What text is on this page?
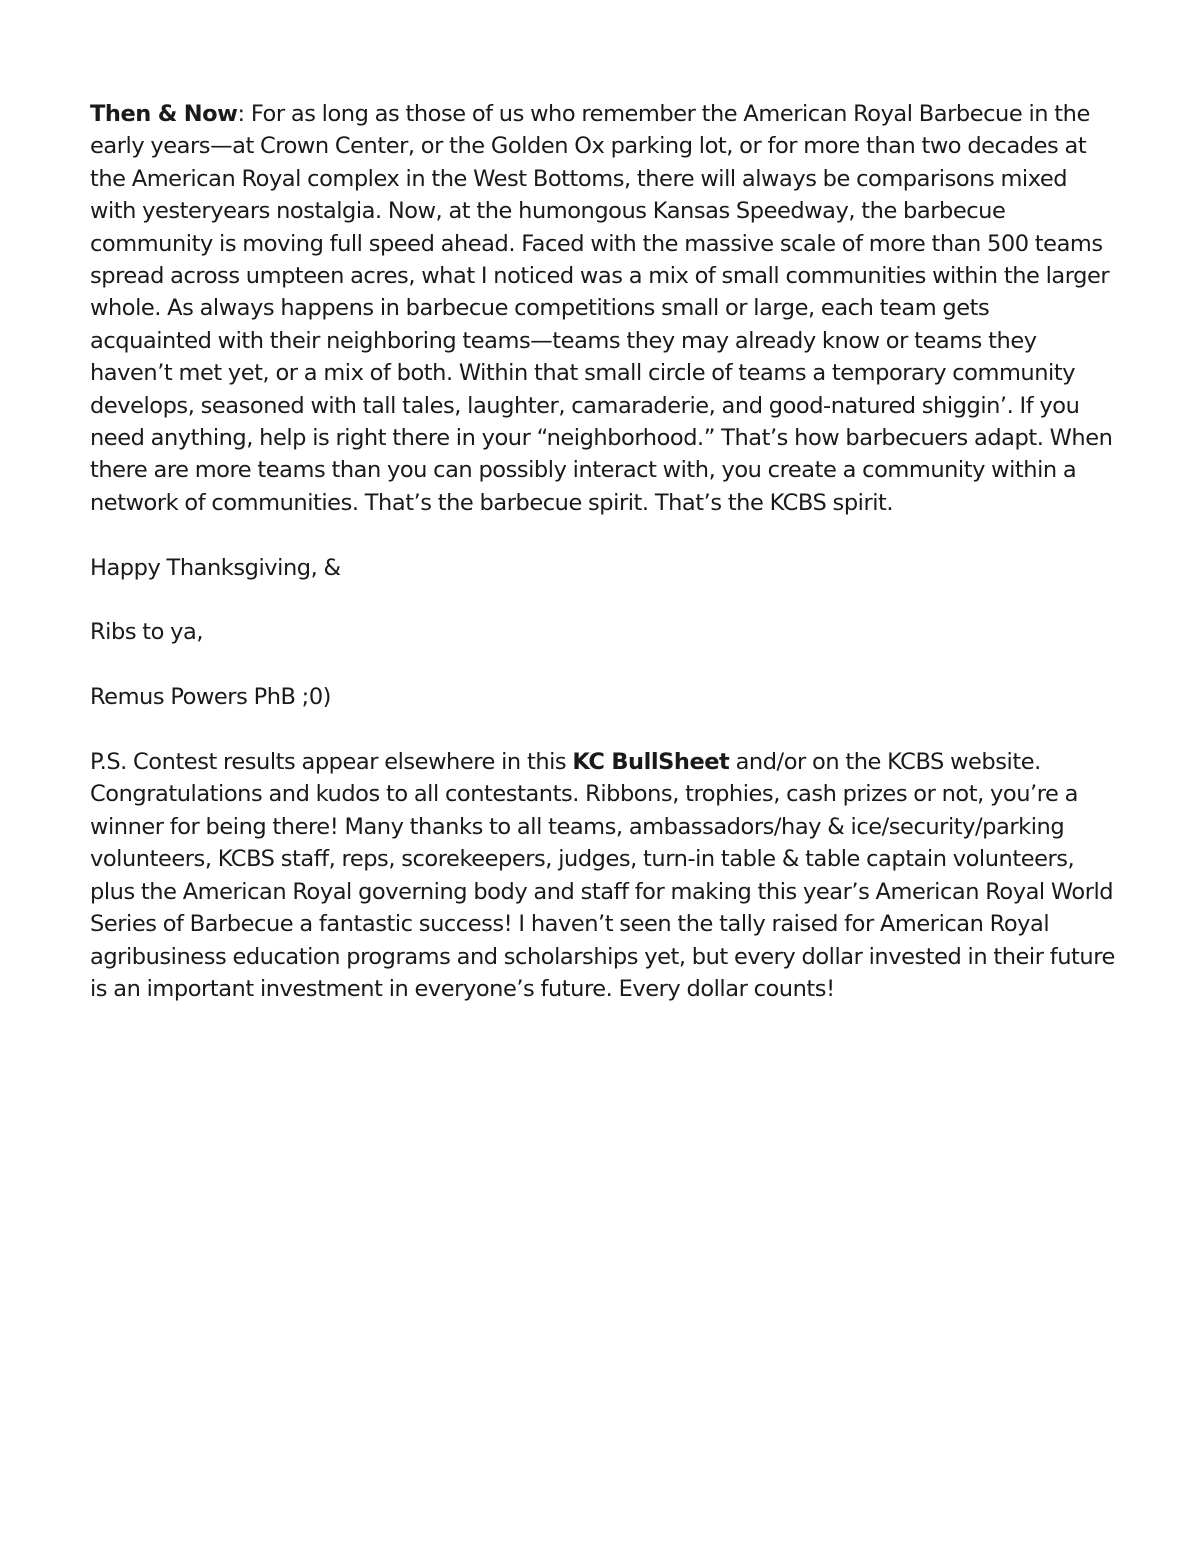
Then & Now: For as long as those of us who remember the American Royal Barbecue in the early years—at Crown Center, or the Golden Ox parking lot, or for more than two decades at the American Royal complex in the West Bottoms, there will always be comparisons mixed with yesteryears nostalgia. Now, at the humongous Kansas Speedway, the barbecue community is moving full speed ahead. Faced with the massive scale of more than 500 teams spread across umpteen acres, what I noticed was a mix of small communities within the larger whole. As always happens in barbecue competitions small or large, each team gets acquainted with their neighboring teams—teams they may already know or teams they haven’t met yet, or a mix of both. Within that small circle of teams a temporary community develops, seasoned with tall tales, laughter, camaraderie, and good-natured shiggin’. If you need anything, help is right there in your “neighborhood.” That’s how barbecuers adapt. When there are more teams than you can possibly interact with, you create a community within a network of communities. That’s the barbecue spirit. That’s the KCBS spirit.

Happy Thanksgiving, &

Ribs to ya,

Remus Powers PhB ;0)

P.S. Contest results appear elsewhere in this KC BullSheet and/or on the KCBS website. Congratulations and kudos to all contestants. Ribbons, trophies, cash prizes or not, you’re a winner for being there! Many thanks to all teams, ambassadors/hay & ice/security/parking volunteers, KCBS staff, reps, scorekeepers, judges, turn-in table & table captain volunteers, plus the American Royal governing body and staff for making this year’s American Royal World Series of Barbecue a fantastic success! I haven’t seen the tally raised for American Royal agribusiness education programs and scholarships yet, but every dollar invested in their future is an important investment in everyone’s future. Every dollar counts!
